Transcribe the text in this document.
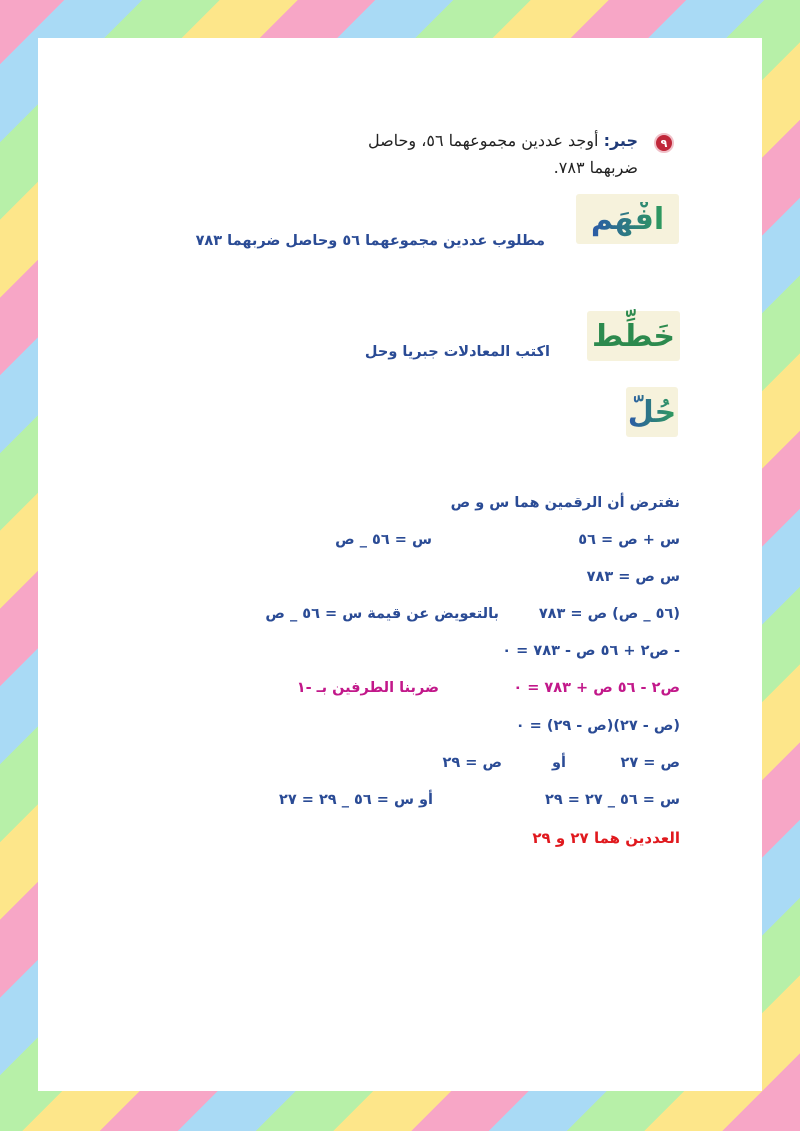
٩
جبر: أوجد عددين مجموعهما ٥٦، وحاصل
ضربهما ٧٨٣.
افْهَم
مطلوب عددين مجموعهما ٥٦ وحاصل ضربهما ٧٨٣
خَطِّط
اكتب المعادلات جبريا وحل
حُلّ
نفترض أن الرقمين هما س و ص
س + ص = ٥٦
س = ٥٦ _ ص
س ص = ٧٨٣
(٥٦ _ ص) ص = ٧٨٣
بالتعويض عن قيمة س = ٥٦ _ ص
- ص٢ + ٥٦ ص - ٧٨٣ = ٠
ص٢ - ٥٦ ص + ٧٨٣ = ٠
ضربنا الطرفين بـ -١
(ص - ٢٧)(ص - ٢٩) = ٠
ص = ٢٧
أو
ص = ٢٩
س = ٥٦ _ ٢٧ = ٢٩
أو س = ٥٦ _ ٢٩ = ٢٧
العددين هما ٢٧ و ٢٩
